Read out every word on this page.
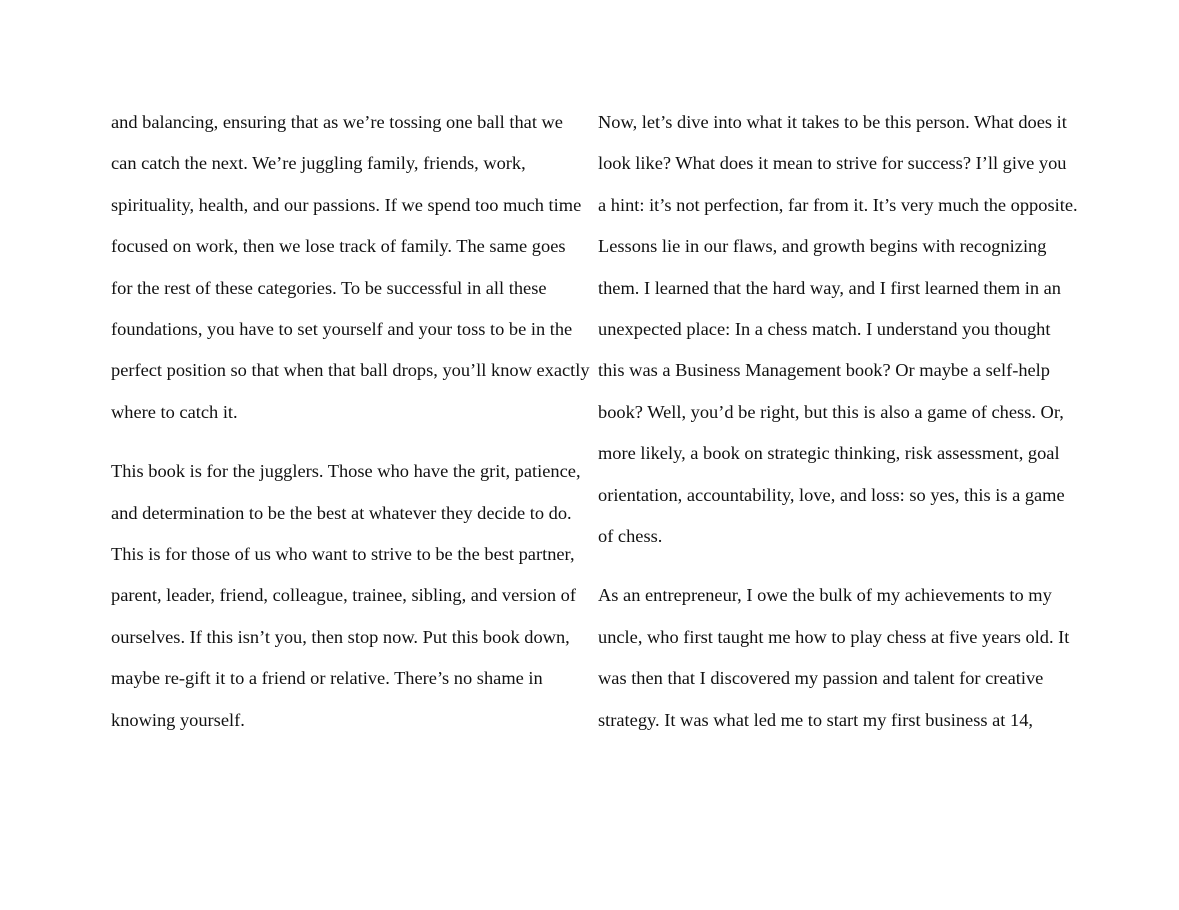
and balancing, ensuring that as we’re tossing one ball that we
can catch the next. We’re juggling family, friends, work,
spirituality, health, and our passions. If we spend too much time
focused on work, then we lose track of family. The same goes
for the rest of these categories. To be successful in all these
foundations, you have to set yourself and your toss to be in the
perfect position so that when that ball drops, you’ll know exactly
where to catch it.
This book is for the jugglers. Those who have the grit, patience,
and determination to be the best at whatever they decide to do.
This is for those of us who want to strive to be the best partner,
parent, leader, friend, colleague, trainee, sibling, and version of
ourselves. If this isn’t you, then stop now. Put this book down,
maybe re-gift it to a friend or relative. There’s no shame in
knowing yourself.
Now, let’s dive into what it takes to be this person. What does it
look like? What does it mean to strive for success? I’ll give you
a hint: it’s not perfection, far from it. It’s very much the opposite.
Lessons lie in our flaws, and growth begins with recognizing
them. I learned that the hard way, and I first learned them in an
unexpected place: In a chess match. I understand you thought
this was a Business Management book? Or maybe a self-help
book? Well, you’d be right, but this is also a game of chess. Or,
more likely, a book on strategic thinking, risk assessment, goal
orientation, accountability, love, and loss: so yes, this is a game
of chess.
As an entrepreneur, I owe the bulk of my achievements to my
uncle, who first taught me how to play chess at five years old. It
was then that I discovered my passion and talent for creative
strategy. It was what led me to start my first business at 14,
